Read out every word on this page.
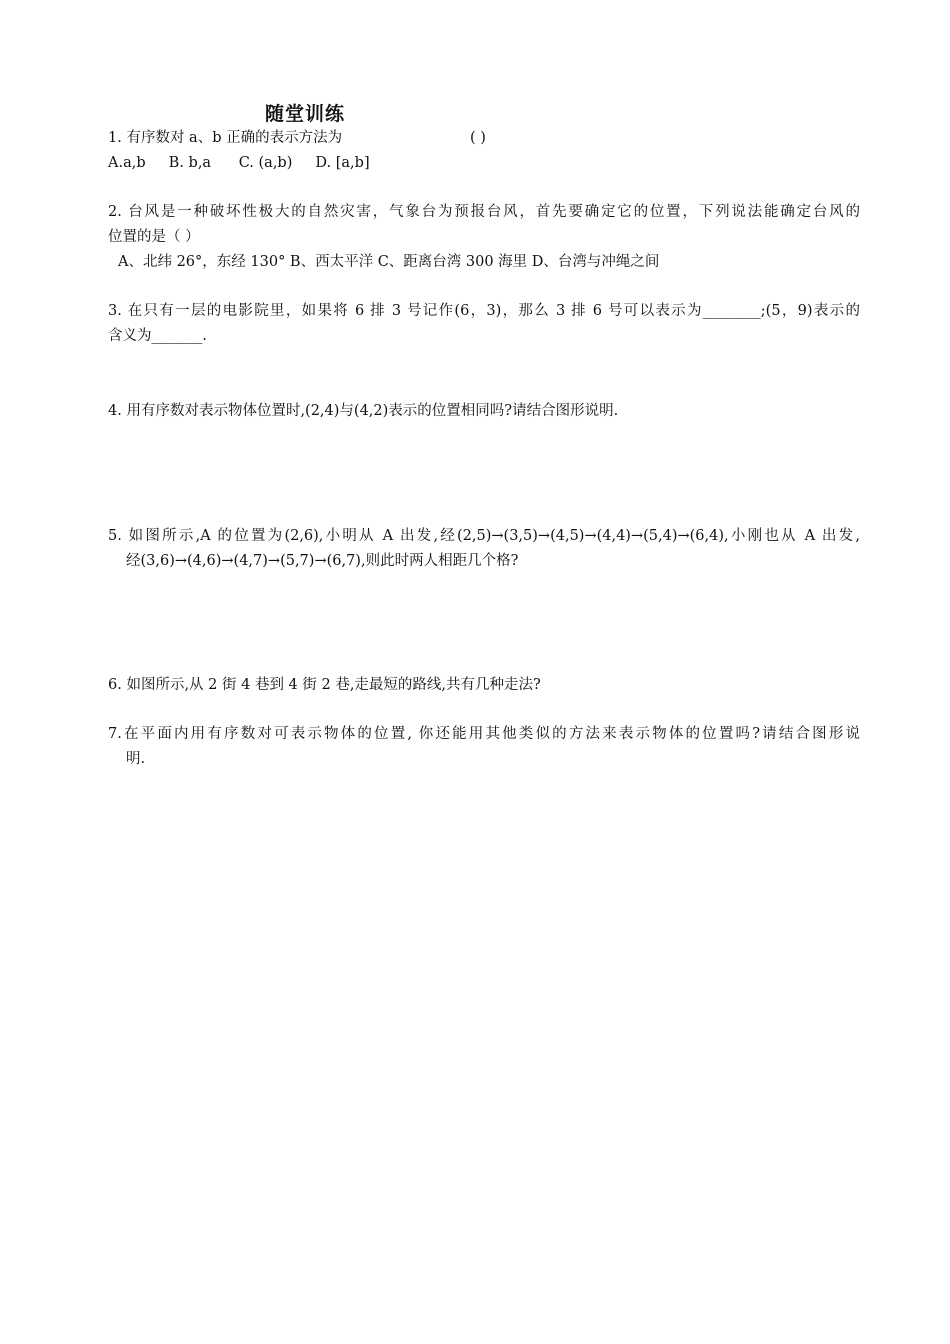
随堂训练
1. 有序数对 a、b 正确的表示方法为	( )
A.a,b     B. b,a      C. (a,b)     D. [a,b]
2. 台风是一种破坏性极大的自然灾害，气象台为预报台风，首先要确定它的位置，下列说法能确定台风的
位置的是（ ）
A、北纬 26°，东经 130° B、西太平洋 C、距离台湾 300 海里 D、台湾与冲绳之间
3. 在只有一层的电影院里，如果将 6 排 3 号记作(6，3)，那么 3 排 6 号可以表示为________;(5，9)表示的
含义为_______.
4. 用有序数对表示物体位置时,(2,4)与(4,2)表示的位置相同吗?请结合图形说明.
5. 如图所示,A 的位置为(2,6),小明从 A 出发,经(2,5)→(3,5)→(4,5)→(4,4)→(5,4)→(6,4),小刚也从 A 出发,
经(3,6)→(4,6)→(4,7)→(5,7)→(6,7),则此时两人相距几个格?
6. 如图所示,从 2 街 4 巷到 4 街 2 巷,走最短的路线,共有几种走法?
7.在平面内用有序数对可表示物体的位置, 你还能用其他类似的方法来表示物体的位置吗?请结合图形说
明.
